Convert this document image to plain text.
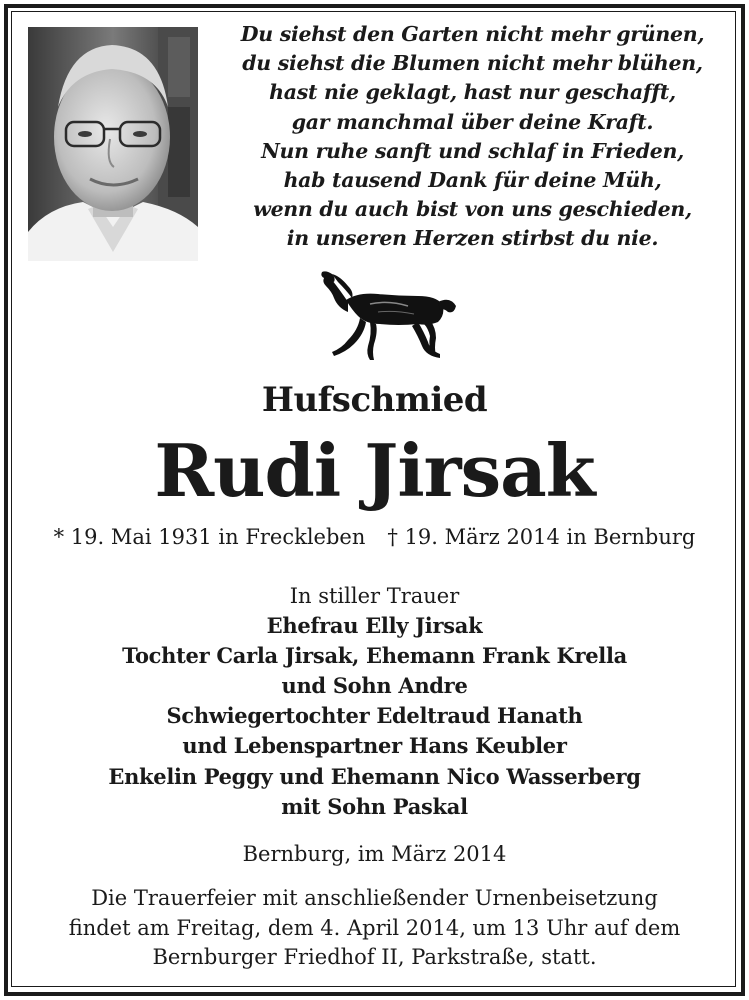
Du siehst den Garten nicht mehr grünen,
du siehst die Blumen nicht mehr blühen,
hast nie geklagt, hast nur geschafft,
gar manchmal über deine Kraft.
Nun ruhe sanft und schlaf in Frieden,
hab tausend Dank für deine Müh,
wenn du auch bist von uns geschieden,
in unseren Herzen stirbst du nie.
Hufschmied
Rudi Jirsak
* 19. Mai 1931 in Freckleben † 19. März 2014 in Bernburg
In stiller Trauer
Ehefrau Elly Jirsak
Tochter Carla Jirsak, Ehemann Frank Krella
und Sohn Andre
Schwiegertochter Edeltraud Hanath
und Lebenspartner Hans Keubler
Enkelin Peggy und Ehemann Nico Wasserberg
mit Sohn Paskal
Bernburg, im März 2014
Die Trauerfeier mit anschließender Urnenbeisetzung
findet am Freitag, dem 4. April 2014, um 13 Uhr auf dem
Bernburger Friedhof II, Parkstraße, statt.
